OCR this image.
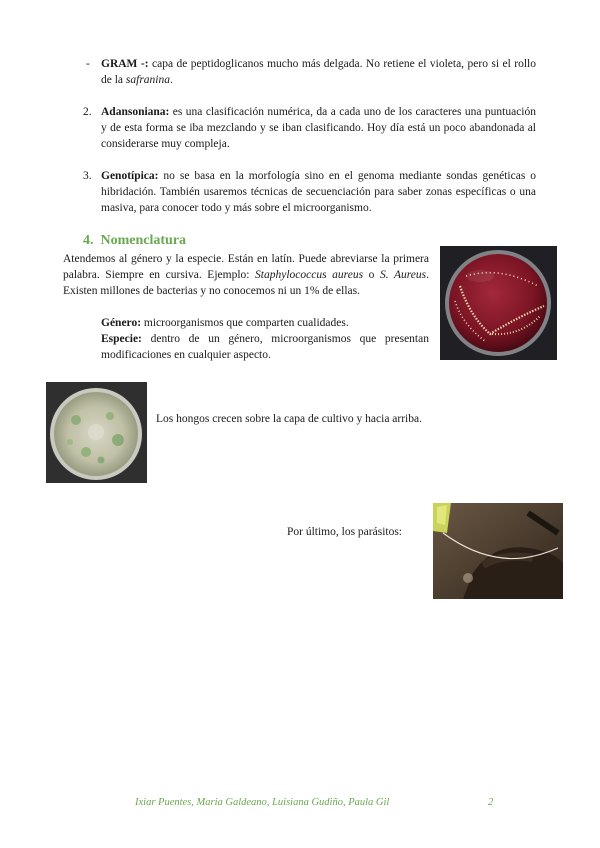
- GRAM -: capa de peptidoglicanos mucho más delgada. No retiene el violeta, pero si el rollo de la safranina.
2. Adansoniana: es una clasificación numérica, da a cada uno de los caracteres una puntuación y de esta forma se iba mezclando y se iban clasificando. Hoy día está un poco abandonada al considerarse muy compleja.
3. Genotípica: no se basa en la morfología sino en el genoma mediante sondas genéticas o hibridación. También usaremos técnicas de secuenciación para saber zonas específicas o una masiva, para conocer todo y más sobre el microorganismo.
4. Nomenclatura
Atendemos al género y la especie. Están en latín. Puede abreviarse la primera palabra. Siempre en cursiva. Ejemplo: Staphylococcus aureus o S. Aureus. Existen millones de bacterias y no conocemos ni un 1% de ellas.
Género: microorganismos que comparten cualidades.
Especie: dentro de un género, microorganismos que presentan modificaciones en cualquier aspecto.
Los hongos crecen sobre la capa de cultivo y hacia arriba.
Por último, los parásitos:
Ixiar Puentes, Maria Galdeano, Luisiana Gudiño, Paula Gil	2
